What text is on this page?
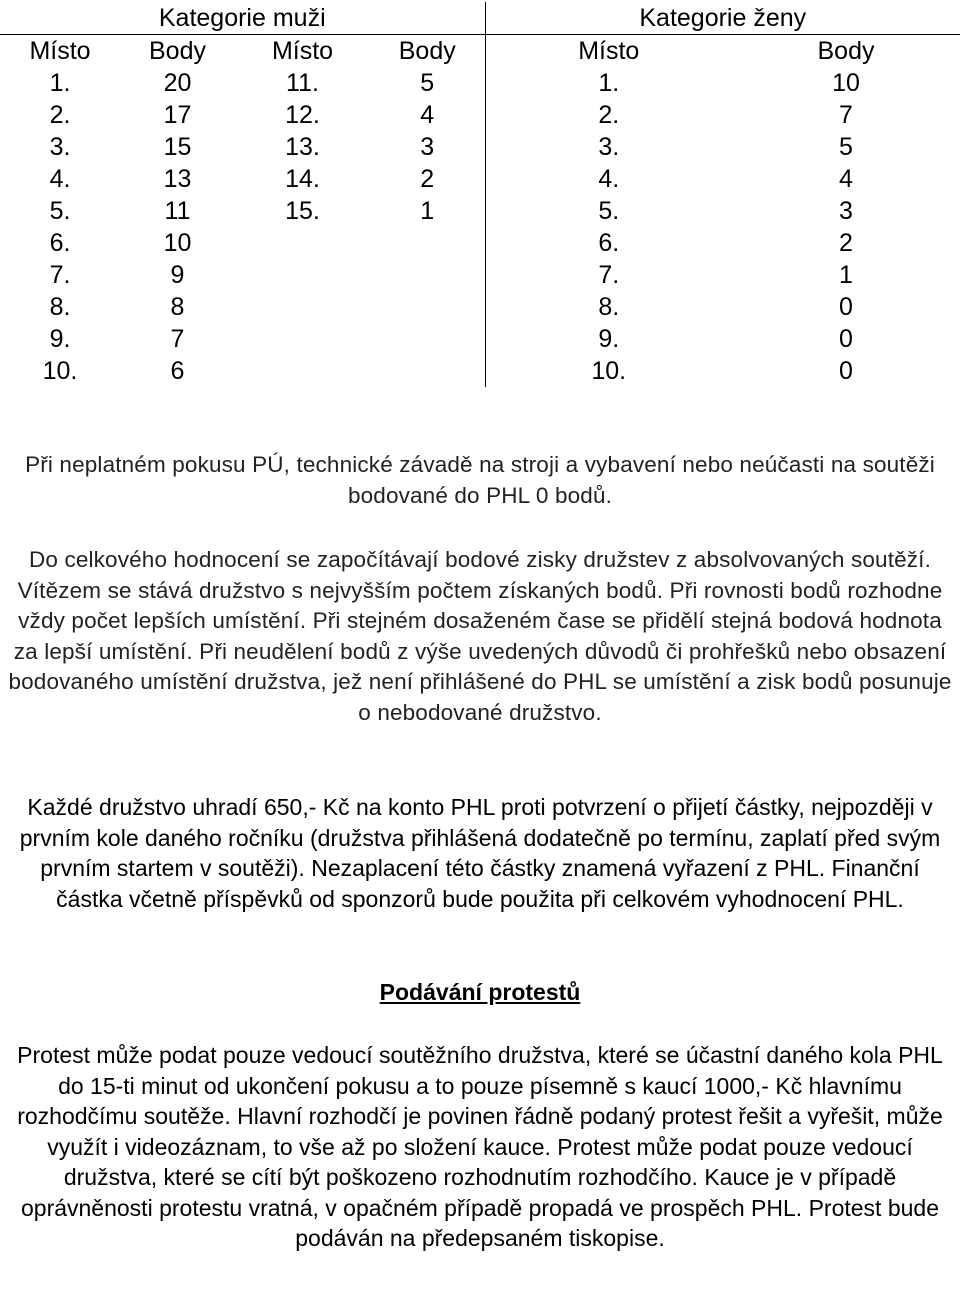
Kategorie muži				Kategorie ženy	
Místo	Body	Místo	Body	Místo	Body
1.	20	11.	5	1.	10
2.	17	12.	4	2.	7
3.	15	13.	3	3.	5
4.	13	14.	2	4.	4
5.	11	15.	1	5.	3
6.	10			6.	2
7.	9			7.	1
8.	8			8.	0
9.	7			9.	0
10.	6			10.	0

Při neplatném pokusu PÚ, technické závadě na stroji a vybavení nebo neúčasti na soutěži bodované do PHL 0 bodů.

Do celkového hodnocení se započítávají bodové zisky družstev z absolvovaných soutěží. Vítězem se stává družstvo s nejvyšším počtem získaných bodů. Při rovnosti bodů rozhodne vždy počet lepších umístění. Při stejném dosaženém čase se přidělí stejná bodová hodnota za lepší umístění. Při neudělení bodů z výše uvedených důvodů či prohřešků nebo obsazení bodovaného umístění družstva, jež není přihlášené do PHL se umístění a zisk bodů posunuje o nebodované družstvo.

Každé družstvo uhradí 650,- Kč na konto PHL proti potvrzení o přijetí částky, nejpozději v prvním kole daného ročníku (družstva přihlášená dodatečně po termínu, zaplatí před svým prvním startem v soutěži). Nezaplacení této částky znamená vyřazení z PHL. Finanční částka včetně příspěvků od sponzorů bude použita při celkovém vyhodnocení PHL.

Podávání protestů

Protest může podat pouze vedoucí soutěžního družstva, které se účastní daného kola PHL do 15-ti minut od ukončení pokusu a to pouze písemně s kaucí 1000,- Kč hlavnímu rozhodčímu soutěže. Hlavní rozhodčí je povinen řádně podaný protest řešit a vyřešit, může využít i videozáznam, to vše až po složení kauce. Protest může podat pouze vedoucí družstva, které se cítí být poškozeno rozhodnutím rozhodčího. Kauce je v případě oprávněnosti protestu vratná, v opačném případě propadá ve prospěch PHL. Protest bude podáván na předepsaném tiskopise.
